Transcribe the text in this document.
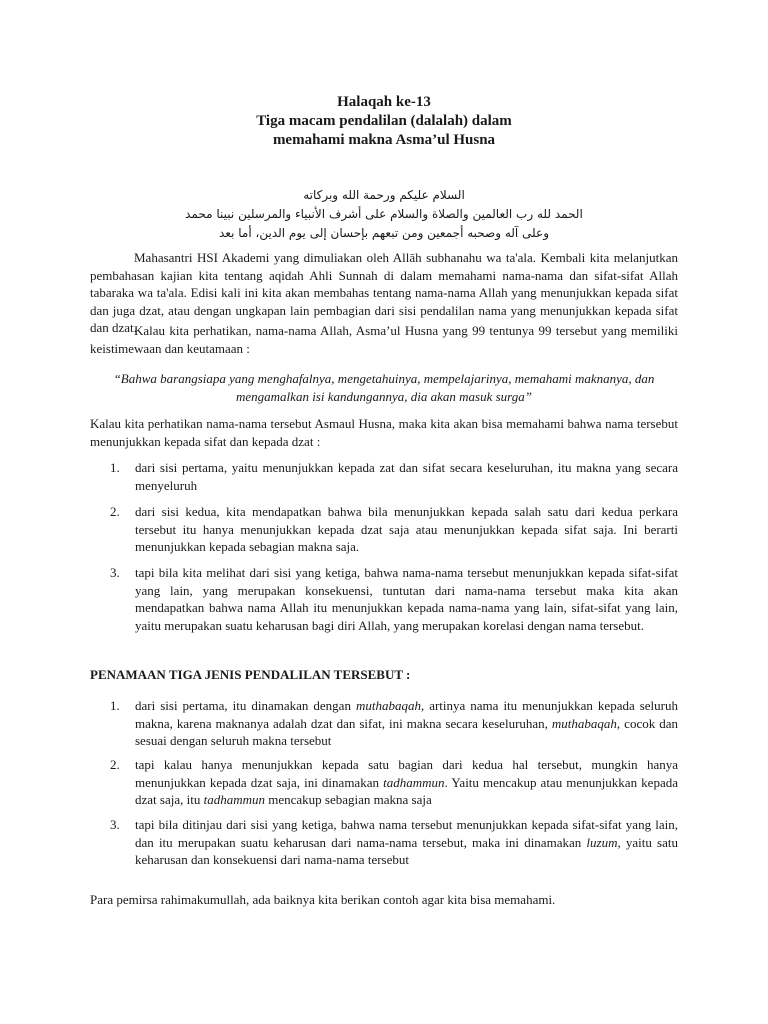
Halaqah ke-13
Tiga macam pendalilan (dalalah) dalam
memahami makna Asma’ul Husna
السلام عليكم ورحمة الله وبركاته
الحمد لله رب العالمين والصلاة والسلام على أشرف الأنبياء والمرسلين نبينا محمد
وعلى آله وصحبه أجمعين ومن تبعهم بإحسان إلى يوم الدين، أما بعد

Mahasantri HSI Akademi yang dimuliakan oleh Allāh subhanahu wa ta'ala. Kembali kita melanjutkan pembahasan kajian kita tentang aqidah Ahli Sunnah di dalam memahami nama-nama dan sifat-sifat Allah tabaraka wa ta'ala. Edisi kali ini kita akan membahas tentang nama-nama Allah yang menunjukkan kepada sifat dan juga dzat, atau dengan ungkapan lain pembagian dari sisi pendalilan nama yang menunjukkan kepada sifat dan dzat.

Kalau kita perhatikan, nama-nama Allah, Asma’ul Husna yang 99 tentunya 99 tersebut yang memiliki keistimewaan dan keutamaan :

“Bahwa barangsiapa yang menghafalnya, mengetahuinya, mempelajarinya, memahami maknanya, dan mengamalkan isi kandungannya, dia akan masuk surga”

Kalau kita perhatikan nama-nama tersebut Asmaul Husna, maka kita akan bisa memahami bahwa nama tersebut menunjukkan kepada sifat dan kepada dzat :

1. dari sisi pertama, yaitu menunjukkan kepada zat dan sifat secara keseluruhan, itu makna yang secara menyeluruh

2. dari sisi kedua, kita mendapatkan bahwa bila menunjukkan kepada salah satu dari kedua perkara tersebut itu hanya menunjukkan kepada dzat saja atau menunjukkan kepada sifat saja. Ini berarti menunjukkan kepada sebagian makna saja.

3. tapi bila kita melihat dari sisi yang ketiga, bahwa nama-nama tersebut menunjukkan kepada sifat-sifat yang lain, yang merupakan konsekuensi, tuntutan dari nama-nama tersebut maka kita akan mendapatkan bahwa nama Allah itu menunjukkan kepada nama-nama yang lain, sifat-sifat yang lain, yaitu merupakan suatu keharusan bagi diri Allah, yang merupakan korelasi dengan nama tersebut.

PENAMAAN TIGA JENIS PENDALILAN TERSEBUT :
1. dari sisi pertama, itu dinamakan dengan muthabaqah, artinya nama itu menunjukkan kepada seluruh makna, karena maknanya adalah dzat dan sifat, ini makna secara keseluruhan, muthabaqah, cocok dan sesuai dengan seluruh makna tersebut

2. tapi kalau hanya menunjukkan kepada satu bagian dari kedua hal tersebut, mungkin hanya menunjukkan kepada dzat saja, ini dinamakan tadhammun. Yaitu mencakup atau menunjukkan kepada dzat saja, itu tadhammun mencakup sebagian makna saja

3. tapi bila ditinjau dari sisi yang ketiga, bahwa nama tersebut menunjukkan kepada sifat-sifat yang lain, dan itu merupakan suatu keharusan dari nama-nama tersebut, maka ini dinamakan luzum, yaitu satu keharusan dan konsekuensi dari nama-nama tersebut

Para pemirsa rahimakumullah, ada baiknya kita berikan contoh agar kita bisa memahami.
